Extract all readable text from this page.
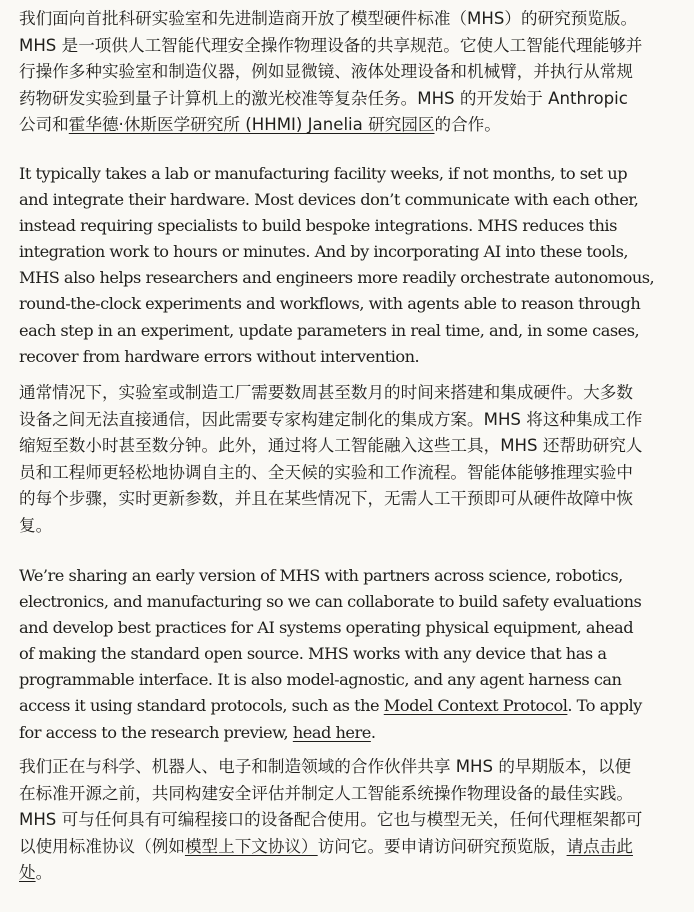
我们面向首批科研实验室和先进制造商开放了模型硬件标准（MHS）的研究预览版。
MHS 是一项供人工智能代理安全操作物理设备的共享规范。它使人工智能代理能够并
行操作多种实验室和制造仪器，例如显微镜、液体处理设备和机械臂，并执行从常规
药物研发实验到量子计算机上的激光校准等复杂任务。MHS 的开发始于 Anthropic
公司和霍华德·休斯医学研究所 (HHMI) Janelia 研究园区的合作。

It typically takes a lab or manufacturing facility weeks, if not months, to set up
and integrate their hardware. Most devices don’t communicate with each other,
instead requiring specialists to build bespoke integrations. MHS reduces this
integration work to hours or minutes. And by incorporating AI into these tools,
MHS also helps researchers and engineers more readily orchestrate autonomous,
round-the-clock experiments and workflows, with agents able to reason through
each step in an experiment, update parameters in real time, and, in some cases,
recover from hardware errors without intervention.

通常情况下，实验室或制造工厂需要数周甚至数月的时间来搭建和集成硬件。大多数
设备之间无法直接通信，因此需要专家构建定制化的集成方案。MHS 将这种集成工作
缩短至数小时甚至数分钟。此外，通过将人工智能融入这些工具，MHS 还帮助研究人
员和工程师更轻松地协调自主的、全天候的实验和工作流程。智能体能够推理实验中
的每个步骤，实时更新参数，并且在某些情况下，无需人工干预即可从硬件故障中恢
复。

We’re sharing an early version of MHS with partners across science, robotics,
electronics, and manufacturing so we can collaborate to build safety evaluations
and develop best practices for AI systems operating physical equipment, ahead
of making the standard open source. MHS works with any device that has a
programmable interface. It is also model-agnostic, and any agent harness can
access it using standard protocols, such as the Model Context Protocol. To apply
for access to the research preview, head here.

我们正在与科学、机器人、电子和制造领域的合作伙伴共享 MHS 的早期版本，以便
在标准开源之前，共同构建安全评估并制定人工智能系统操作物理设备的最佳实践。
MHS 可与任何具有可编程接口的设备配合使用。它也与模型无关，任何代理框架都可
以使用标准协议（例如模型上下文协议）访问它。要申请访问研究预览版，请点击此
处。
